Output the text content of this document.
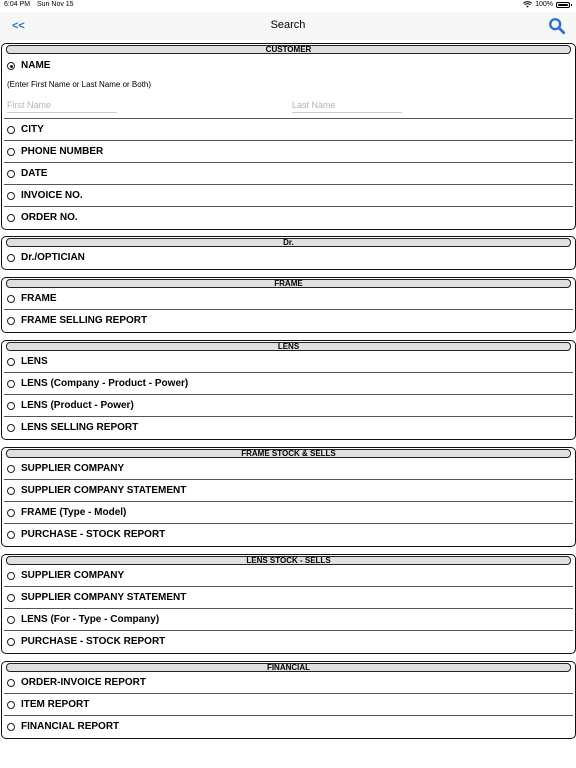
6:04 PM Sun Nov 15	100%
<<	Search
CUSTOMER
NAME
(Enter First Name or Last Name or Both)
First Name
Last Name
CITY
PHONE NUMBER
DATE
INVOICE NO.
ORDER NO.
Dr.
Dr./OPTICIAN
FRAME
FRAME
FRAME SELLING REPORT
LENS
LENS
LENS (Company - Product - Power)
LENS (Product - Power)
LENS SELLING REPORT
FRAME STOCK & SELLS
SUPPLIER COMPANY
SUPPLIER COMPANY STATEMENT
FRAME (Type - Model)
PURCHASE - STOCK REPORT
LENS STOCK - SELLS
SUPPLIER COMPANY
SUPPLIER COMPANY STATEMENT
LENS (For - Type - Company)
PURCHASE - STOCK REPORT
FINANCIAL
ORDER-INVOICE REPORT
ITEM REPORT
FINANCIAL REPORT
